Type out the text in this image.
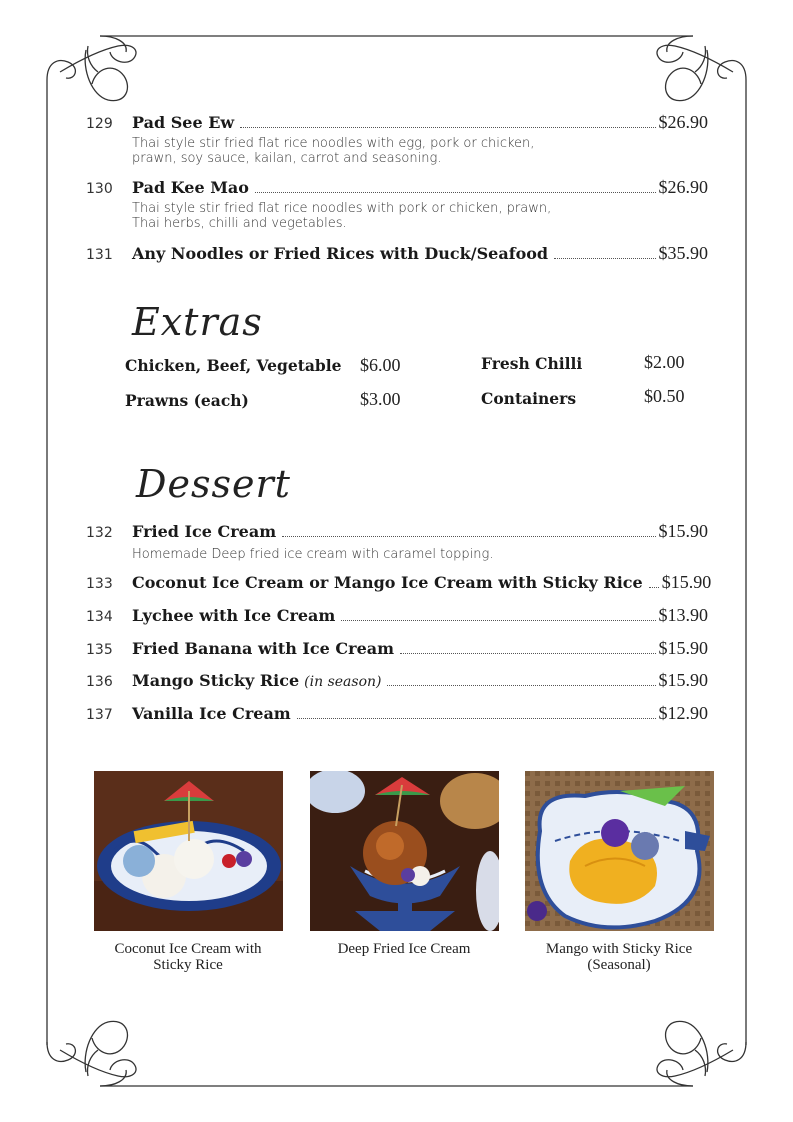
129	Pad See Ew	$26.90
Thai style stir fried flat rice noodles with egg, pork or chicken,
prawn, soy sauce, kailan, carrot and seasoning.
130	Pad Kee Mao	$26.90
Thai style stir fried flat rice noodles with pork or chicken, prawn,
Thai herbs, chilli and vegetables.
131	Any Noodles or Fried Rices with Duck/Seafood	$35.90
Extras
Chicken, Beef, Vegetable $6.00
Prawns (each)	$3.00
Fresh Chilli	$2.00
Containers	$0.50
Dessert
132	Fried Ice Cream	$15.90
Homemade Deep fried ice cream with caramel topping.
133	Coconut Ice Cream or Mango Ice Cream with Sticky Rice $15.90
134	Lychee with Ice Cream	$13.90
135	Fried Banana with Ice Cream	$15.90
136	Mango Sticky Rice (in season)	$15.90
137	Vanilla Ice Cream	$12.90
Coconut Ice Cream with
Sticky Rice
Deep Fried Ice Cream	Mango with Sticky Rice
(Seasonal)
